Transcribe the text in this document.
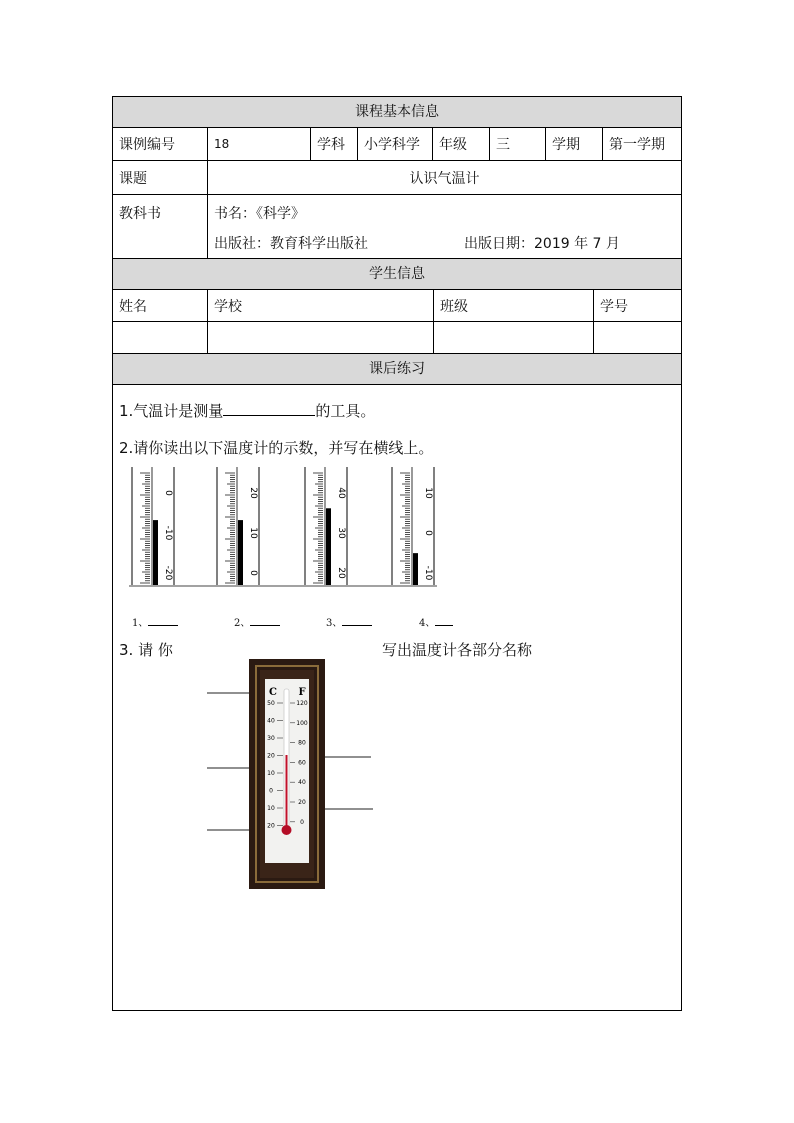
课程基本信息
课例编号	18	学科	小学科学	年级	三	学期	第一学期
课题	认识气温计
教科书	书名：《科学》
出版社：教育科学出版社	出版日期：2019 年 7 月
学生信息
姓名	学校	班级	学号
课后练习
1.气温计是测量	的工具。
2.请你读出以下温度计的示数，并写在横线上。
0
-10
-20
20
10
0
40
30
20
10
0
-10
1、	2、	3、	4、
3. 请 你	写出温度计各部分名称
C F
50
40
30
20
10
0
10
20
120
100
80
60
40
20
0
